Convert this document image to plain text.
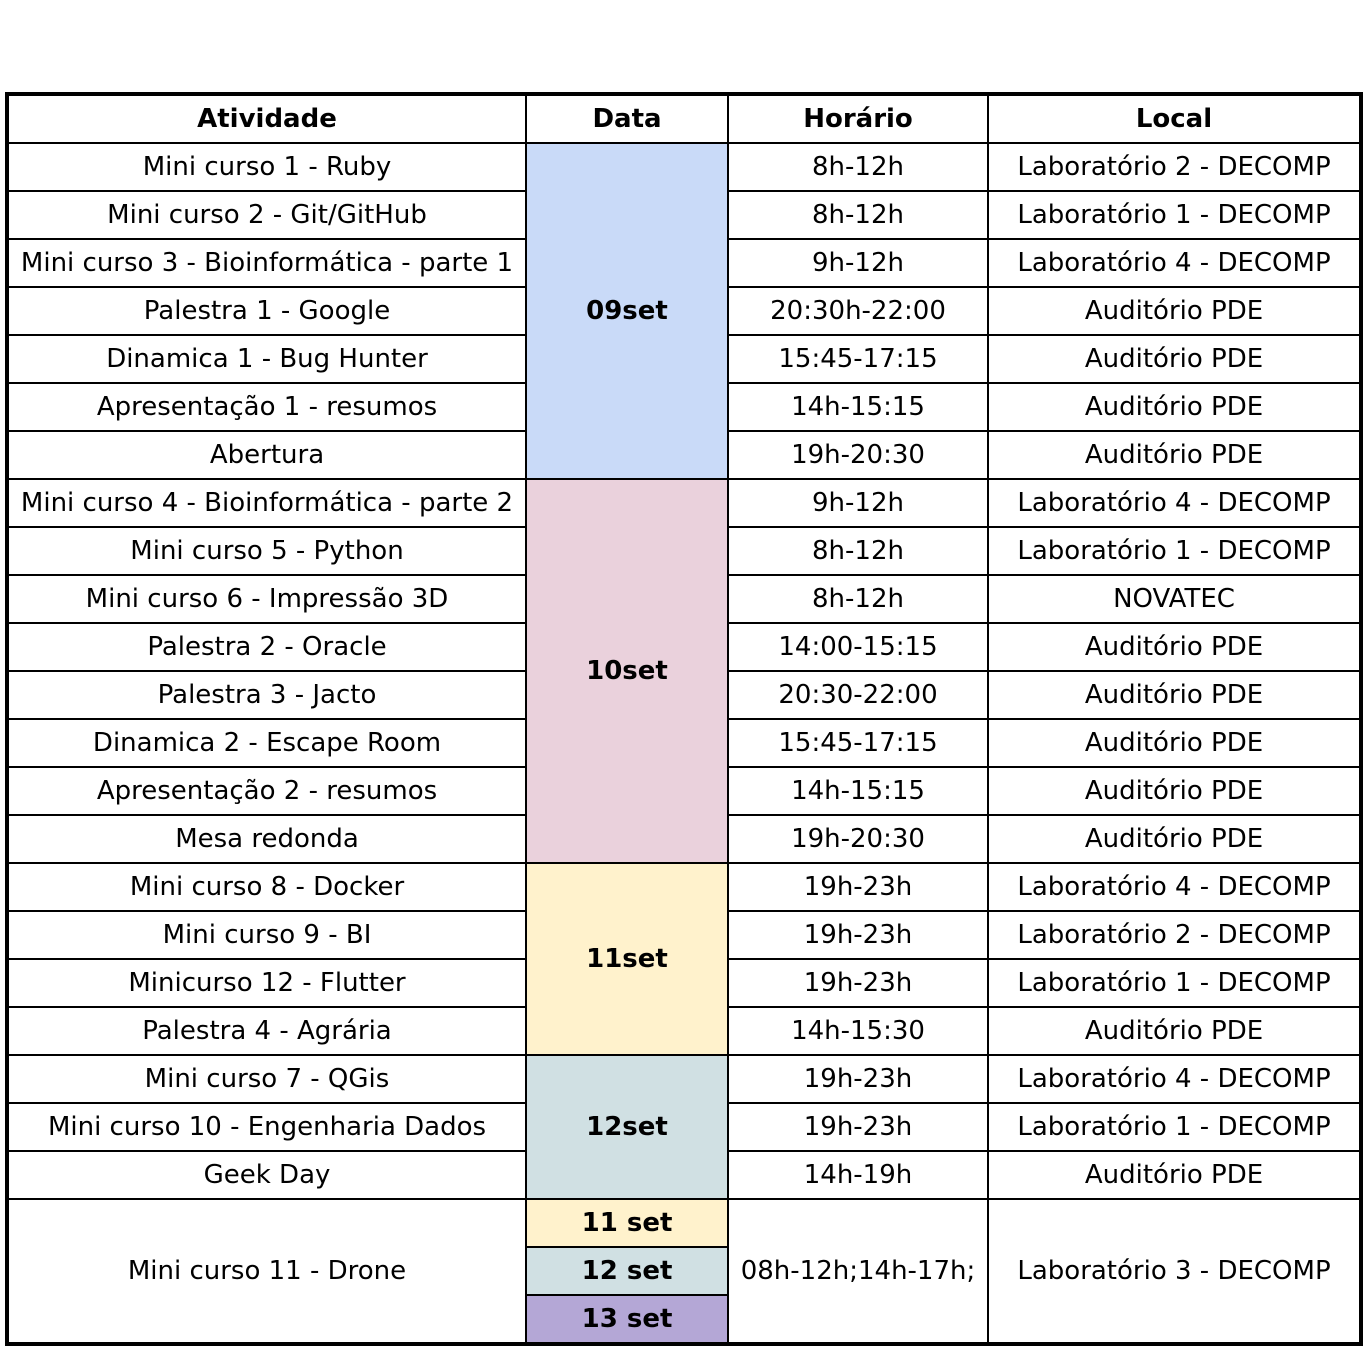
Atividade	Data	Horário	Local
Mini curso 1 - Ruby	09set	8h-12h	Laboratório 2 - DECOMP
Mini curso 2 - Git/GitHub		8h-12h	Laboratório 1 - DECOMP
Mini curso 3 - Bioinformática - parte 1		9h-12h	Laboratório 4 - DECOMP
Palestra 1 - Google		20:30h-22:00	Auditório PDE
Dinamica 1 - Bug Hunter		15:45-17:15	Auditório PDE
Apresentação 1 - resumos		14h-15:15	Auditório PDE
Abertura		19h-20:30	Auditório PDE
Mini curso 4 - Bioinformática - parte 2	10set	9h-12h	Laboratório 4 - DECOMP
Mini curso 5 - Python		8h-12h	Laboratório 1 - DECOMP
Mini curso 6 - Impressão 3D		8h-12h	NOVATEC
Palestra 2 - Oracle		14:00-15:15	Auditório PDE
Palestra 3 - Jacto		20:30-22:00	Auditório PDE
Dinamica 2 - Escape Room		15:45-17:15	Auditório PDE
Apresentação 2 - resumos		14h-15:15	Auditório PDE
Mesa redonda		19h-20:30	Auditório PDE
Mini curso 8 - Docker	11set	19h-23h	Laboratório 4 - DECOMP
Mini curso 9 - BI		19h-23h	Laboratório 2 - DECOMP
Minicurso 12 - Flutter		19h-23h	Laboratório 1 - DECOMP
Palestra 4 - Agrária		14h-15:30	Auditório PDE
Mini curso 7 - QGis	12set	19h-23h	Laboratório 4 - DECOMP
Mini curso 10 - Engenharia Dados		19h-23h	Laboratório 1 - DECOMP
Geek Day		14h-19h	Auditório PDE
Mini curso 11 - Drone	11 set	08h-12h;14h-17h;	Laboratório 3 - DECOMP
	12 set		
	13 set		
